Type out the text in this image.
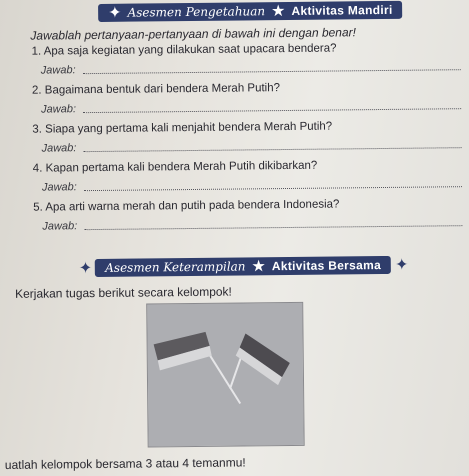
✦ Asesmen Pengetahuan ★ Aktivitas Mandiri
Jawablah pertanyaan-pertanyaan di bawah ini dengan benar!
1. Apa saja kegiatan yang dilakukan saat upacara bendera?
Jawab:
2. Bagaimana bentuk dari bendera Merah Putih?
Jawab:
3. Siapa yang pertama kali menjahit bendera Merah Putih?
Jawab:
4. Kapan pertama kali bendera Merah Putih dikibarkan?
Jawab:
5. Apa arti warna merah dan putih pada bendera Indonesia?
Jawab:
✦ Asesmen Keterampilan ★ Aktivitas Bersama ✦
Kerjakan tugas berikut secara kelompok!
uatlah kelompok bersama 3 atau 4 temanmu!
